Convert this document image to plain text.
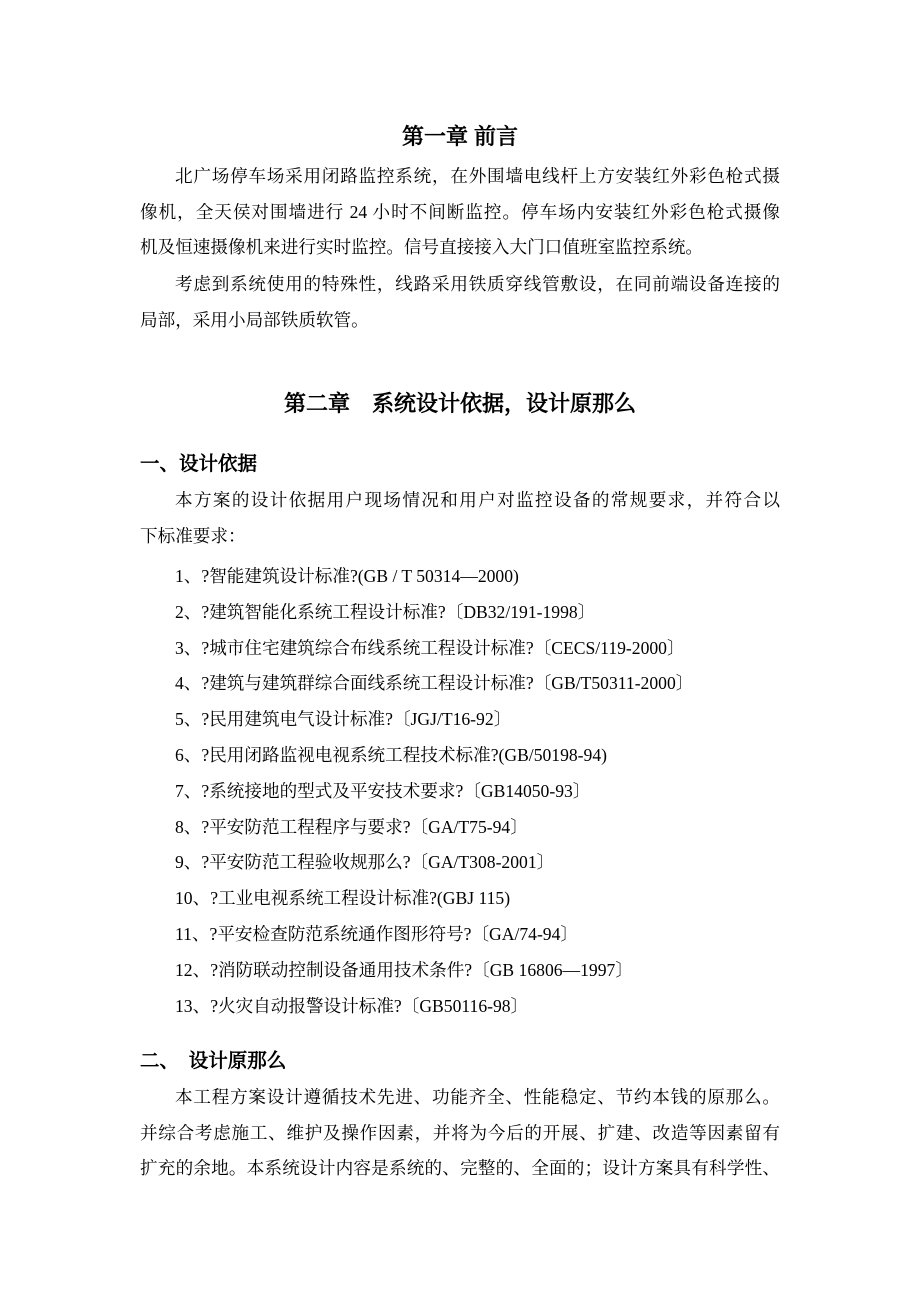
第一章 前言
北广场停车场采用闭路监控系统，在外围墙电线杆上方安装红外彩色枪式摄
像机，全天侯对围墙进行 24 小时不间断监控。停车场内安装红外彩色枪式摄像
机及恒速摄像机来进行实时监控。信号直接接入大门口值班室监控系统。
考虑到系统使用的特殊性，线路采用铁质穿线管敷设，在同前端设备连接的
局部，采用小局部铁质软管。
第二章　系统设计依据，设计原那么
一、设计依据
本方案的设计依据用户现场情况和用户对监控设备的常规要求，并符合以
下标准要求：
1、?智能建筑设计标准?(GB / T 50314—2000)
2、?建筑智能化系统工程设计标准?〔DB32/191-1998〕
3、?城市住宅建筑综合布线系统工程设计标准?〔CECS/119-2000〕
4、?建筑与建筑群综合面线系统工程设计标准?〔GB/T50311-2000〕
5、?民用建筑电气设计标准?〔JGJ/T16-92〕
6、?民用闭路监视电视系统工程技术标准?(GB/50198-94)
7、?系统接地的型式及平安技术要求?〔GB14050-93〕
8、?平安防范工程程序与要求?〔GA/T75-94〕
9、?平安防范工程验收规那么?〔GA/T308-2001〕
10、?工业电视系统工程设计标准?(GBJ 115)
11、?平安检查防范系统通作图形符号?〔GA/74-94〕
12、?消防联动控制设备通用技术条件?〔GB 16806—1997〕
13、?火灾自动报警设计标准?〔GB50116-98〕
二、　设计原那么
本工程方案设计遵循技术先进、功能齐全、性能稳定、节约本钱的原那么。
并综合考虑施工、维护及操作因素，并将为今后的开展、扩建、改造等因素留有
扩充的余地。本系统设计内容是系统的、完整的、全面的；设计方案具有科学性、
